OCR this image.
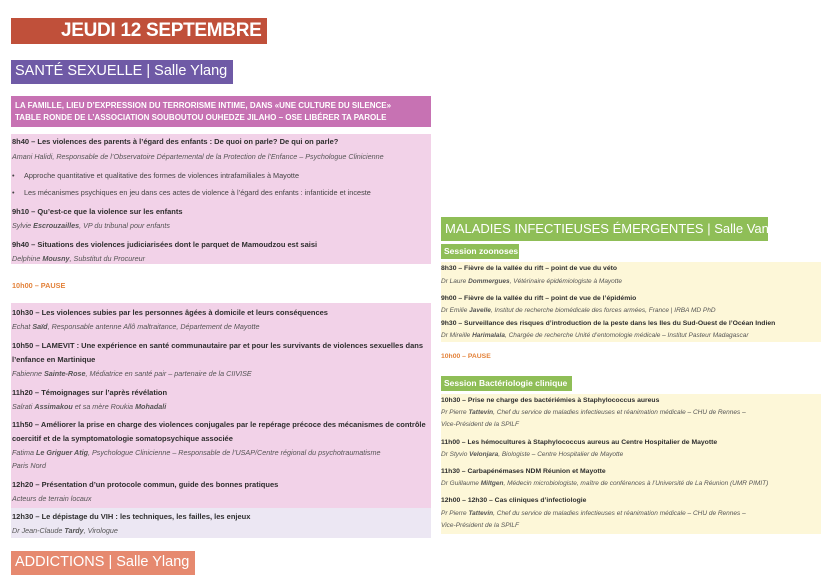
JEUDI 12 SEPTEMBRE
SANTÉ SEXUELLE | Salle Ylang
LA FAMILLE, LIEU D’EXPRESSION DU TERRORISME INTIME, DANS «UNE CULTURE DU SILENCE»
TABLE RONDE DE L’ASSOCIATION SOUBOUTOU OUHEDZE JILAHO – OSE LIBÉRER TA PAROLE
8h40 – Les violences des parents à l’égard des enfants : De quoi on parle? De qui on parle?
Amani Halidi, Responsable de l’Observatoire Départemental de la Protection de l’Enfance – Psychologue Clinicienne
• Approche quantitative et qualitative des formes de violences intrafamiliales à Mayotte
• Les mécanismes psychiques en jeu dans ces actes de violence à l’égard des enfants : infanticide et inceste
9h10 – Qu’est-ce que la violence sur les enfants
Sylvie Escrouzailles, VP du tribunal pour enfants
9h40 – Situations des violences judiciarisées dont le parquet de Mamoudzou est saisi
Delphine Mousny, Substitut du Procureur
10h00 – PAUSE
10h30 – Les violences subies par les personnes âgées à domicile et leurs conséquences
Echat Saïd, Responsable antenne Allô maltraitance, Département de Mayotte
10h50 – LAMEVIT : Une expérience en santé communautaire par et pour les survivants de violences sexuelles dans
l’enfance en Martinique
Fabienne Sainte-Rose, Médiatrice en santé pair – partenaire de la CIIVISE
11h20 – Témoignages sur l’après révélation
Salrati Assimakou et sa mère Roukia Mohadali
11h50 – Améliorer la prise en charge des violences conjugales par le repérage précoce des mécanismes de contrôle
coercitif et de la symptomatologie somatopsychique associée
Fatima Le Griguer Atig, Psychologue Clinicienne – Responsable de l’USAP/Centre régional du psychotraumatisme
Paris Nord
12h20 – Présentation d’un protocole commun, guide des bonnes pratiques
Acteurs de terrain locaux
12h30 – Le dépistage du VIH : les techniques, les failles, les enjeux
Dr Jean-Claude Tardy, Virologue
ADDICTIONS | Salle Ylang
MALADIES INFECTIEUSES ÉMERGENTES | Salle Vanille
Session zoonoses
8h30 – Fièvre de la vallée du rift – point de vue du véto
Dr Laure Dommergues, Vétérinaire épidémiologiste à Mayotte
9h00 – Fièvre de la vallée du rift – point de vue de l’épidémio
Dr Emilie Javelle, Institut de recherche biomédicale des forces armées, France | IRBA MD PhD
9h30 – Surveillance des risques d’introduction de la peste dans les Iles du Sud-Ouest de l’Océan Indien
Dr Mireille Harimalala, Chargée de recherche Unité d’entomologie médicale – Institut Pasteur Madagascar
10h00 – PAUSE
Session Bactériologie clinique
10h30 – Prise ne charge des bactériémies à Staphylococcus aureus
Pr Pierre Tattevin, Chef du service de maladies infectieuses et réanimation médicale – CHU de Rennes –
Vice-Président de la SPILF
11h00 – Les hémocultures à Staphylococcus aureus au Centre Hospitalier de Mayotte
Dr Styvio Velonjara, Biologiste – Centre Hospitalier de Mayotte
11h30 – Carbapénémases NDM Réunion et Mayotte
Dr Guillaume Miltgen, Médecin microbiologiste, maître de conférences à l’Université de La Réunion (UMR PIMIT)
12h00 – 12h30 – Cas cliniques d’infectiologie
Pr Pierre Tattevin, Chef du service de maladies infectieuses et réanimation médicale – CHU de Rennes –
Vice-Président de la SPILF
